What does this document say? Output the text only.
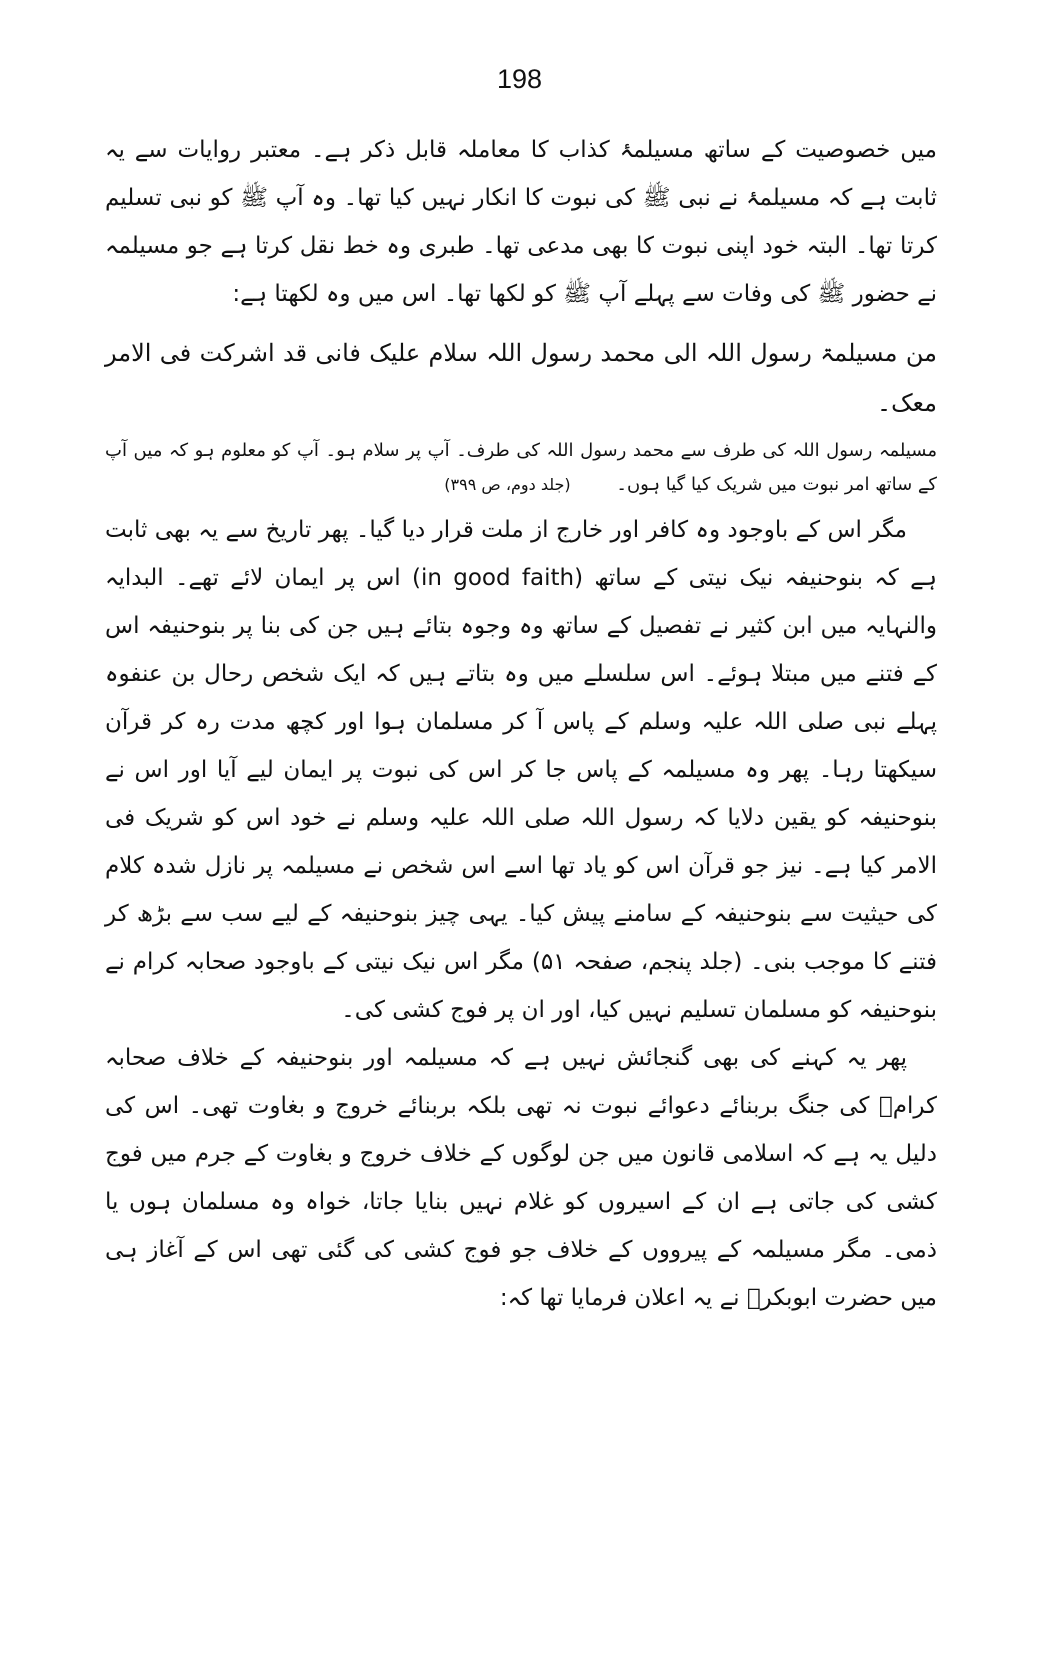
198

میں خصوصیت کے ساتھ مسیلمۂ کذاب کا معاملہ قابل ذکر ہے۔ معتبر روایات سے یہ ثابت ہے کہ مسیلمۂ نے نبی ﷺ کی نبوت کا انکار نہیں کیا تھا۔ وہ آپ ﷺ کو نبی تسلیم کرتا تھا۔ البتہ خود اپنی نبوت کا بھی مدعی تھا۔ طبری وہ خط نقل کرتا ہے جو مسیلمہ نے حضور ﷺ کی وفات سے پہلے آپ ﷺ کو لکھا تھا۔ اس میں وہ لکھتا ہے:

من مسیلمۃ رسول اللہ الی محمد رسول اللہ سلام علیک فانی قد اشرکت فی الامر معک۔

مسیلمہ رسول اللہ کی طرف سے محمد رسول اللہ کی طرف۔ آپ پر سلام ہو۔ آپ کو معلوم ہو کہ میں آپ کے ساتھ امر نبوت میں شریک کیا گیا ہوں۔ (جلد دوم، ص ۳۹۹)

مگر اس کے باوجود وہ کافر اور خارج از ملت قرار دیا گیا۔ پھر تاریخ سے یہ بھی ثابت ہے کہ بنوحنیفہ نیک نیتی کے ساتھ (in good faith) اس پر ایمان لائے تھے۔ البدایہ والنہایہ میں ابن کثیر نے تفصیل کے ساتھ وہ وجوہ بتائے ہیں جن کی بنا پر بنوحنیفہ اس کے فتنے میں مبتلا ہوئے۔ اس سلسلے میں وہ بتاتے ہیں کہ ایک شخص رحال بن عنفوہ پہلے نبی صلی اللہ علیہ وسلم کے پاس آ کر مسلمان ہوا اور کچھ مدت رہ کر قرآن سیکھتا رہا۔ پھر وہ مسیلمہ کے پاس جا کر اس کی نبوت پر ایمان لیے آیا اور اس نے بنوحنیفہ کو یقین دلایا کہ رسول اللہ صلی اللہ علیہ وسلم نے خود اس کو شریک فی الامر کیا ہے۔ نیز جو قرآن اس کو یاد تھا اسے اس شخص نے مسیلمہ پر نازل شدہ کلام کی حیثیت سے بنوحنیفہ کے سامنے پیش کیا۔ یہی چیز بنوحنیفہ کے لیے سب سے بڑھ کر فتنے کا موجب بنی۔ (جلد پنجم، صفحہ ۵۱) مگر اس نیک نیتی کے باوجود صحابہ کرام نے بنوحنیفہ کو مسلمان تسلیم نہیں کیا، اور ان پر فوج کشی کی۔

پھر یہ کہنے کی بھی گنجائش نہیں ہے کہ مسیلمہ اور بنوحنیفہ کے خلاف صحابہ کرامؓ کی جنگ بربنائے دعوائے نبوت نہ تھی بلکہ بربنائے خروج و بغاوت تھی۔ اس کی دلیل یہ ہے کہ اسلامی قانون میں جن لوگوں کے خلاف خروج و بغاوت کے جرم میں فوج کشی کی جاتی ہے ان کے اسیروں کو غلام نہیں بنایا جاتا، خواہ وہ مسلمان ہوں یا ذمی۔ مگر مسیلمہ کے پیرووں کے خلاف جو فوج کشی کی گئی تھی اس کے آغاز ہی میں حضرت ابوبکرؓ نے یہ اعلان فرمایا تھا کہ:
